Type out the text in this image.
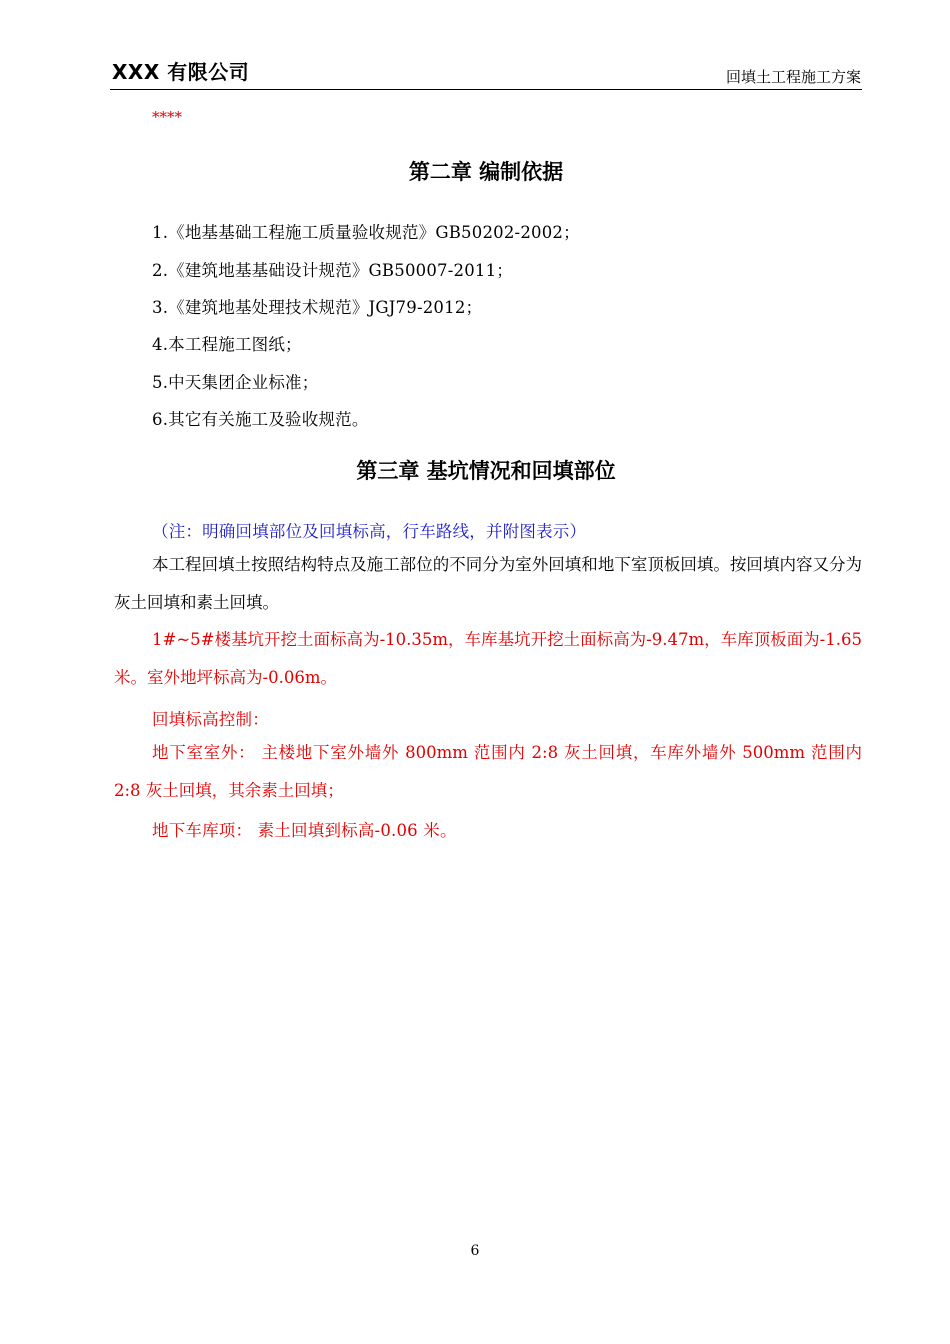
XXX 有限公司	回填土工程施工方案
****
第二章 编制依据
1.《地基基础工程施工质量验收规范》GB50202-2002；
2.《建筑地基基础设计规范》GB50007-2011；
3.《建筑地基处理技术规范》JGJ79-2012；
4.本工程施工图纸；
5.中天集团企业标准；
6.其它有关施工及验收规范。
第三章 基坑情况和回填部位
（注：明确回填部位及回填标高，行车路线，并附图表示）
本工程回填土按照结构特点及施工部位的不同分为室外回填和地下室顶板回填。按回填内容又分为灰土回填和素土回填。
1#~5#楼基坑开挖土面标高为-10.35m，车库基坑开挖土面标高为-9.47m，车库顶板面为-1.65 米。室外地坪标高为-0.06m。
回填标高控制：
地下室室外： 主楼地下室外墙外 800mm 范围内 2:8 灰土回填，车库外墙外 500mm 范围内 2:8 灰土回填，其余素土回填；
地下车库项： 素土回填到标高-0.06 米。
6
